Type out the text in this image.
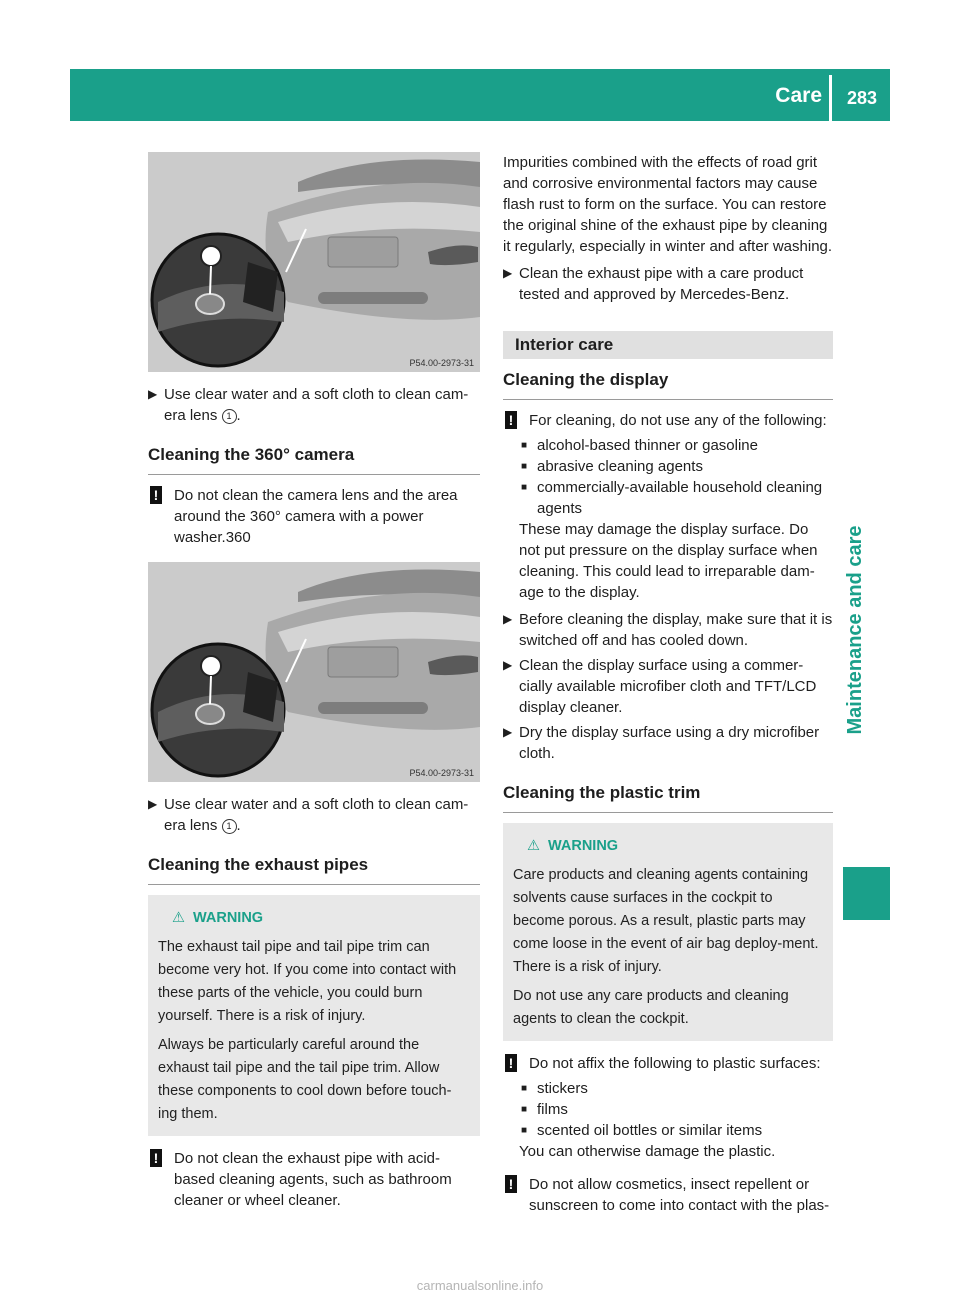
Care	283
Maintenance and care
P54.00-2973-31

▶ Use clear water and a soft cloth to clean cam-era lens 1 .

Cleaning the 360° camera

! Do not clean the camera lens and the area around the 360° camera with a power washer.360

P54.00-2973-31

▶ Use clear water and a soft cloth to clean cam-era lens 1 .

Cleaning the exhaust pipes
⚠ WARNING

The exhaust tail pipe and tail pipe trim can become very hot. If you come into contact with these parts of the vehicle, you could burn yourself. There is a risk of injury.

Always be particularly careful around the exhaust tail pipe and the tail pipe trim. Allow these components to cool down before touch-ing them.

! Do not clean the exhaust pipe with acid-based cleaning agents, such as bathroom cleaner or wheel cleaner.

Impurities combined with the effects of road grit and corrosive environmental factors may cause flash rust to form on the surface. You can restore the original shine of the exhaust pipe by cleaning it regularly, especially in winter and after washing.

▶ Clean the exhaust pipe with a care product tested and approved by Mercedes-Benz.

Interior care
Cleaning the display

! For cleaning, do not use any of the following:

■ alcohol-based thinner or gasoline
■ abrasive cleaning agents
■ commercially-available household cleaning agents

These may damage the display surface. Do not put pressure on the display surface when cleaning. This could lead to irreparable dam-age to the display.

▶ Before cleaning the display, make sure that it is switched off and has cooled down.

▶ Clean the display surface using a commer-cially available microfiber cloth and TFT/LCD display cleaner.

▶ Dry the display surface using a dry microfiber cloth.

Cleaning the plastic trim
⚠ WARNING

Care products and cleaning agents containing solvents cause surfaces in the cockpit to become porous. As a result, plastic parts may come loose in the event of air bag deploy-ment. There is a risk of injury.

Do not use any care products and cleaning agents to clean the cockpit.

! Do not affix the following to plastic surfaces:

■ stickers
■ films
■ scented oil bottles or similar items

You can otherwise damage the plastic.

! Do not allow cosmetics, insect repellent or sunscreen to come into contact with the plas-

carmanualsonline.info
